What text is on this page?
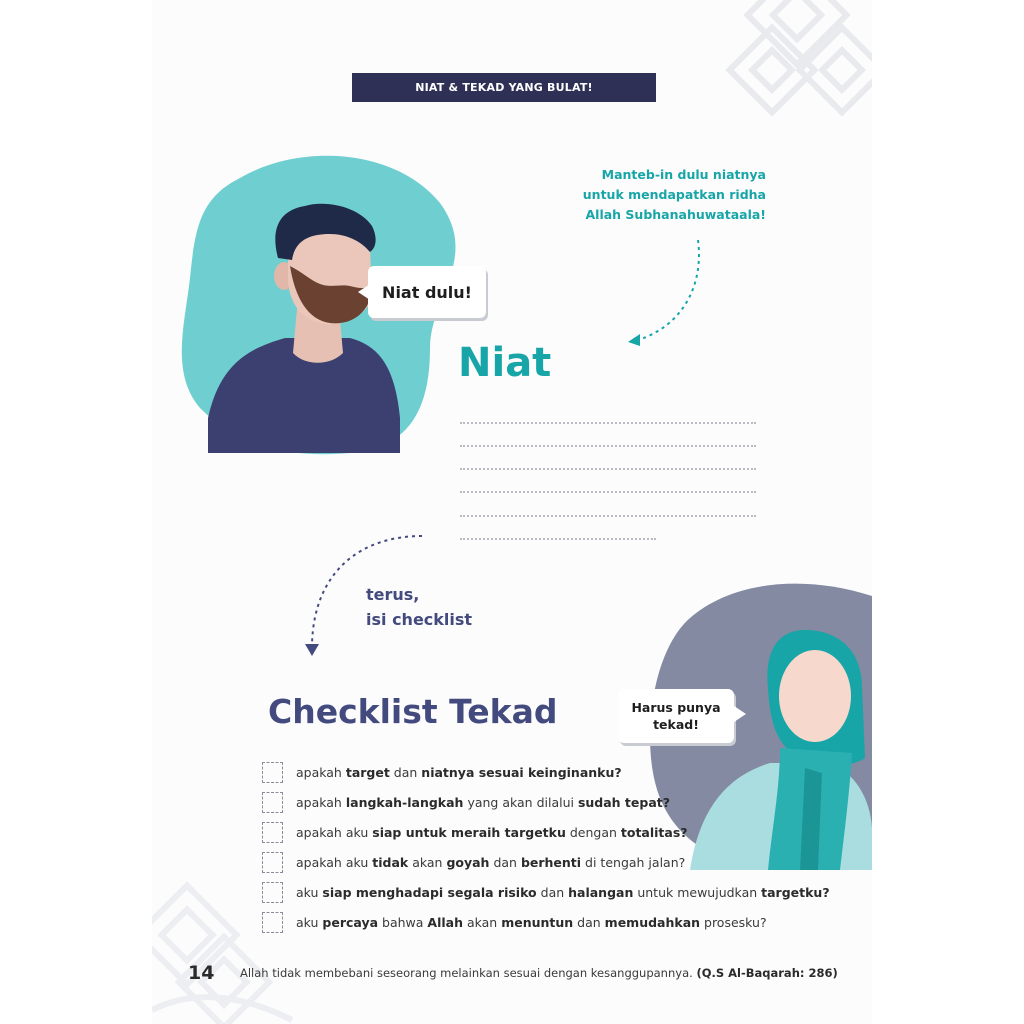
NIAT & TEKAD YANG BULAT!
Niat dulu!
Manteb-in dulu niatnya
untuk mendapatkan ridha
Allah Subhanahuwataala!
Niat
terus,
isi checklist
Harus punya
tekad!
Checklist Tekad
apakah target dan niatnya sesuai keinginanku?
apakah langkah-langkah yang akan dilalui sudah tepat?
apakah aku siap untuk meraih targetku dengan totalitas?
apakah aku tidak akan goyah dan berhenti di tengah jalan?
aku siap menghadapi segala risiko dan halangan untuk mewujudkan targetku?
aku percaya bahwa Allah akan menuntun dan memudahkan prosesku?
14 Allah tidak membebani seseorang melainkan sesuai dengan kesanggupannya. (Q.S Al-Baqarah: 286)
